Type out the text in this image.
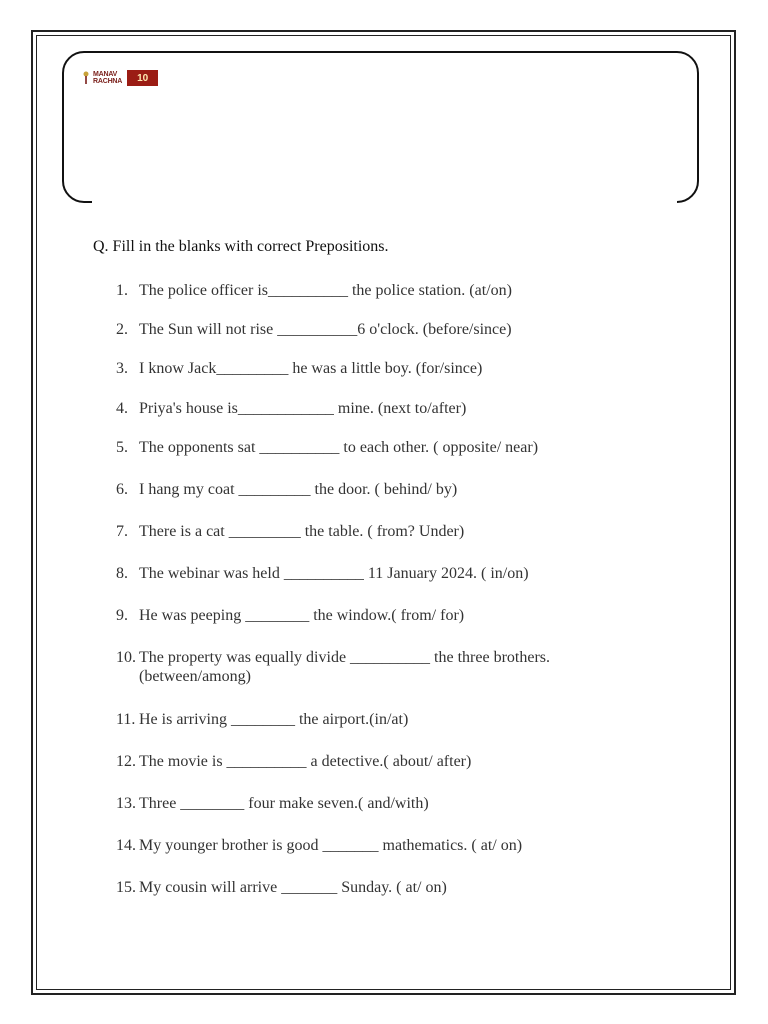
MANAV
RACHNA	10
Q. Fill in the blanks with correct Prepositions.
1. The police officer is__________ the police station. (at/on)
2. The Sun will not rise __________6 o'clock. (before/since)
3. I know Jack_________ he was a little boy. (for/since)
4. Priya's house is____________ mine. (next to/after)
5. The opponents sat __________ to each other. ( opposite/ near)
6. I hang my coat _________ the door. ( behind/ by)
7. There is a cat _________ the table. ( from? Under)
8. The webinar was held __________ 11 January 2024. ( in/on)
9. He was peeping ________ the window.( from/ for)
10. The property was equally divide __________ the three brothers. (between/among)
11. He is arriving ________ the airport.(in/at)
12. The movie is __________ a detective.( about/ after)
13. Three ________ four make seven.( and/with)
14. My younger brother is good _______ mathematics. ( at/ on)
15. My cousin will arrive _______ Sunday. ( at/ on)
